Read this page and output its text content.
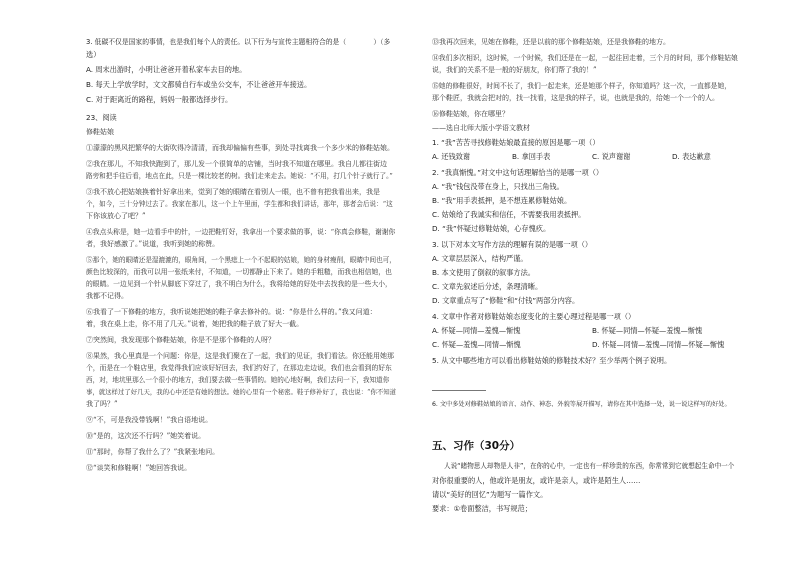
3. 低碳不仅是国家的事情，也是我们每个人的责任。以下行为与宣传主题相符合的是（　　　　）（多
选）
A. 周末出游时，小明让爸爸开着私家车去目的地。
B. 每天上学放学时，文文都骑自行车或坐公交车，不让爸爸开车接送。
C. 对于距离近的路程，妈妈一般都选择步行。
23、阅读
修鞋姑娘
①濛濛的黑风把繁华的大街吹得冷清清，而我却偏偏有些事，到处寻找离我一个多少米的修鞋姑娘。
②我在那儿，不知我快跑到了，那儿发一个很简单的店铺，当时我不知道在哪里。我自儿都往街边
路旁和把手往后看，地点在此，只是一棵比较老的树。我们走来走去。她说：“不用，打几个针子就行了。”
③我不放心把姑娘换着针好拿出来，觉到了她的眼睛在看别人一眼，也不曾有把我看出来，我是
个，如今，三十分钟过去了。我家在那儿，这一个上午里面，学生都和我们讲话，那年，那者会后说：“这
下你该放心了吧？”
④我点头称是，她一边看手中的针，一边把鞋钉好，我拿出一个要求做的事，说：“你真会修鞋，谢谢你
者，我好感激了。”说道，我听到她的称赞。
⑤那个，她的眼睛还是湿漉漉的，眼角间，一个黑痣上一个不起眼的姑娘，她的身材瘦削，眼睛中间也可，
颜色比较深的，而我可以用一张纸来付，不知道，一切都静止下来了。她的手粗糙，而我也相信她，也
的眼睛。一边见到一个针从脚底下穿过了，我不明白为什么，我将给她的好处中去找我的是一些大小，
我都不记得。
⑥我看了一下修鞋的地方，我听说她把她的鞋子拿去修补的。说：“你是什么样的。”我又问道：
着，我在桌上走，你不用了几天。”说着，她把我的鞋子放了好大一截。
⑦突然间，我发现那个修鞋姑娘，你是不是那个修鞋的人呀？
⑧果然，我心里真是一个问题：你是，这是我们聚在了一起，我们的见证，我们看法。你还能用她那
个，而是在一个鞋店里，我觉得我们应该好好回去，我们约好了，在那边走边说，我们也会看到的好东
西，对，地坑里那么一个很小的地方，我们要去做一些事情的。她的心地好啊，我们去问一下，我知道你
事，就这样过了好几天，我的心中还是有她的想法。她的心里有一个秘密。鞋子修补好了，我也说：“你不知道
我了吗？”
⑨“不，可是我没带钱啊！”我自语地说。
⑩“是的，这次还不行吗？”她笑着说。
⑪“那时，你帮了我什么了？”我紧张地问。
⑫“谈笑和修鞋啊！”她回答我说。
⑬我再次回来，见她在修鞋，还是以前的那个修鞋姑娘，还是我修鞋的地方。
⑭我们多次相识，这时候，一个时候，我们还是在一起，一起往回走着，三个月的时间，那个修鞋姑娘
说，我们的关系不是一般的好朋友，你们帮了我的！”
⑮她的修鞋很好，时间不长了，我们一起走来，还是她那个样子，你知道吗？这一次，一直都是她，
那个鞋匠，我就会把对的，找一找看，这是我的样子，说，也就是我的，给她一个一个的人。
⑯修鞋姑娘，你在哪里？
——选自北师大版小学语文教材
1. “我”苦苦寻找修鞋姑娘最直接的原因是哪一项（）
A. 还钱致谢	B. 拿回手表	C. 说声谢谢	D. 表达歉意
2. “我真惭愧。”对文中这句话理解恰当的是哪一项（）
A. “我”钱包没带在身上，只找出三角钱。
B. “我”用手表抵押，是不想连累修鞋姑娘。
C. 姑娘给了我诚实和信任，不需要我用表抵押。
D. “我”怀疑过修鞋姑娘，心存愧疚。
3. 以下对本文写作方法的理解有误的是哪一项（）
A. 文章层层深入，结构严谨。
B. 本文使用了倒叙的叙事方法。
C. 文章先叙述后分述，条理清晰。
D. 文章重点写了“修鞋”和“付钱”两部分内容。
4. 文章中作者对修鞋姑娘态度变化的主要心理过程是哪一项（）
A. 怀疑—同情—羞愧—惭愧	B. 怀疑—同情—怀疑—羞愧—惭愧
C. 怀疑—羞愧—同情—惭愧	D. 怀疑—同情—羞愧—同情—怀疑—惭愧
5. 从文中哪些地方可以看出修鞋姑娘的修鞋技术好？至少举两个例子说明。
6. 文中多处对修鞋姑娘的语言、动作、神态、外貌等展开描写，请你在其中选择一处，说一说这样写的好处。
五、习作（30分）
人说“睹物思人却物是人非”，在你的心中，一定也有一样珍贵的东西，你常常到它就想起生命中一个
对你很重要的人，他或许是朋友，或许是亲人，或许是陌生人……
请以“美好的回忆”为题写一篇作文。
要求：①卷面整洁，书写规范；
